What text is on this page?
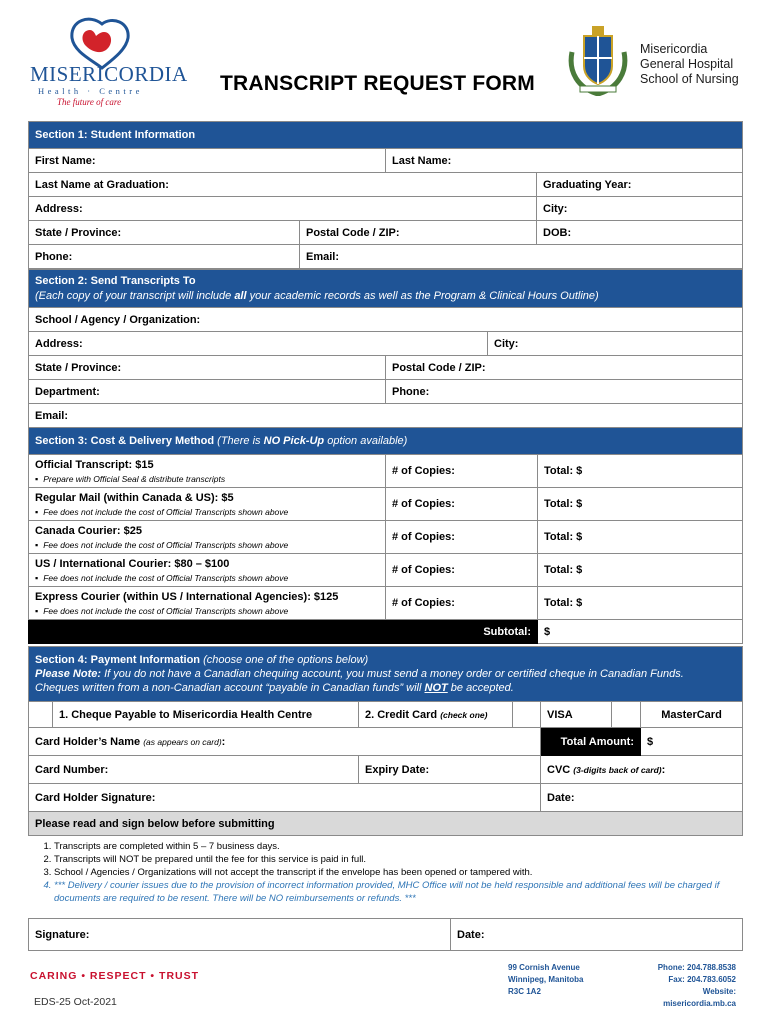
MISERICORDIA
Health · Centre
The future of care
TRANSCRIPT REQUEST FORM
Misericordia
General Hospital
School of Nursing
Section 1: Student Information			
First Name:		Last Name:	
Last Name at Graduation:			Graduating Year:
Address:			City:
State / Province:	Postal Code / ZIP:		DOB:
Phone:	Email:		
Section 2: Send Transcripts To
(Each copy of your transcript will include all your academic records as well as the Program & Clinical Hours Outline)		

School / Agency / Organization:		
Address:		City:
State / Province:	Postal Code / ZIP:	
Department:	Phone:	
Email:		
Section 3: Cost & Delivery Method (There is NO Pick-Up option available)		
Official Transcript: $15
▪ Prepare with Official Seal & distribute transcripts	# of Copies:	Total: $
Regular Mail (within Canada & US): $5
▪ Fee does not include the cost of Official Transcripts shown above	# of Copies:	Total: $
Canada Courier: $25
▪ Fee does not include the cost of Official Transcripts shown above	# of Copies:	Total: $
US / International Courier: $80 – $100
▪ Fee does not include the cost of Official Transcripts shown above	# of Copies:	Total: $
Express Courier (within US / International Agencies): $125
▪ Fee does not include the cost of Official Transcripts shown above	# of Copies:	Total: $

Subtotal:		$
Section 4: Payment Information (choose one of the options below)
Please Note: If you do not have a Canadian chequing account, you must send a money order or certified cheque in Canadian Funds.
Cheques written from a non-Canadian account “payable in Canadian funds” will NOT be accepted.						

	1. Cheque Payable to Misericordia Health Centre	2. Credit Card (check one)		VISA		MasterCard
Card Holder’s Name (as appears on card):				Total Amount:		$
Card Number:		Expiry Date:		CVC (3-digits back of card):		
Card Holder Signature:				Date:		
Please read and sign below before submitting						
1. Transcripts are completed within 5 – 7 business days.
2. Transcripts will NOT be prepared until the fee for this service is paid in full.
3. School / Agencies / Organizations will not accept the transcript if the envelope has been opened or tampered with.
4. *** Delivery / courier issues due to the provision of incorrect information provided, MHC Office will not be held responsible and additional fees will be charged if documents are required to be resent. There will be NO reimbursements or refunds. ***
Signature:	Date:
CARING • RESPECT • TRUST
99 Cornish Avenue
Winnipeg, Manitoba
R3C 1A2
Phone: 204.788.8538
Fax: 204.783.6052
Website: misericordia.mb.ca
EDS-25 Oct-2021
